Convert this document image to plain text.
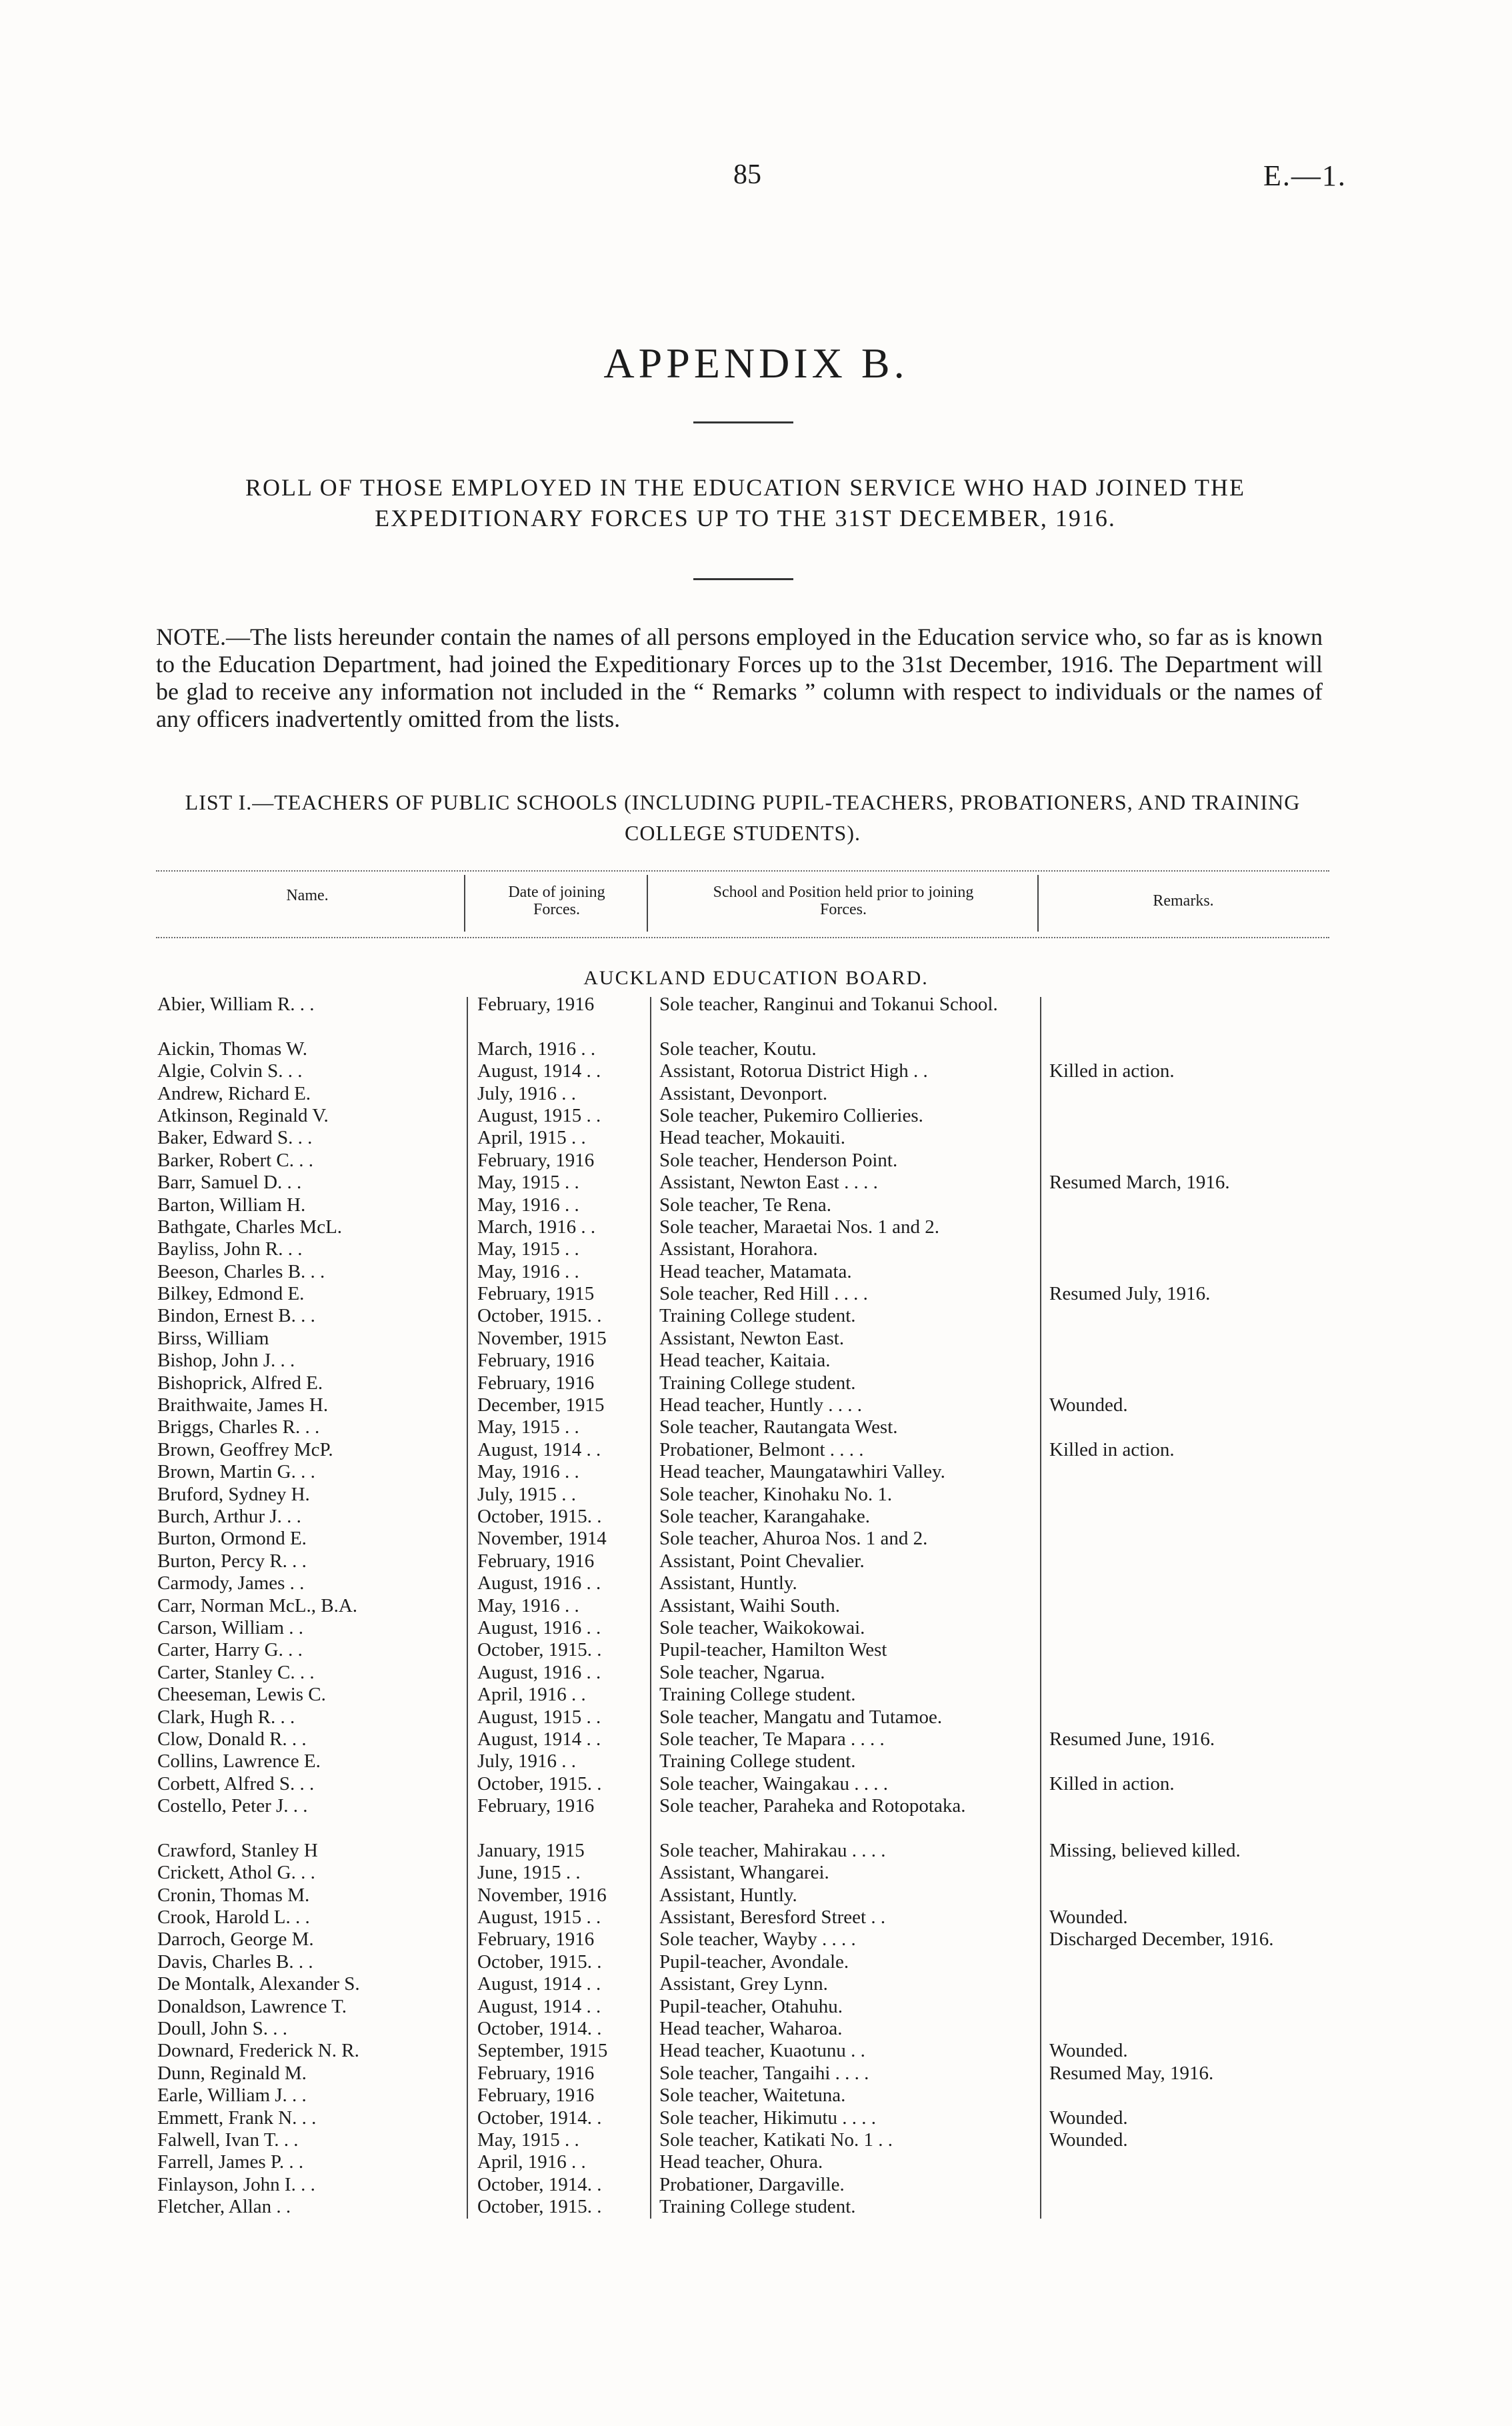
85	E.—1.
APPENDIX B.
ROLL OF THOSE EMPLOYED IN THE EDUCATION SERVICE WHO HAD JOINED THE
EXPEDITIONARY FORCES UP TO THE 31ST DECEMBER, 1916.
NOTE.—The lists hereunder contain the names of all persons employed in the Education service who, so far as is known to the Education Department, had joined the Expeditionary Forces up to the 31st December, 1916. The Department will be glad to receive any information not included in the “ Remarks ” column with respect to individuals or the names of any officers inadvertently omitted from the lists.
LIST I.—TEACHERS OF PUBLIC SCHOOLS (INCLUDING PUPIL-TEACHERS, PROBATIONERS, AND TRAINING
COLLEGE STUDENTS).
Name.	Date of joining
Forces.
School and Position held prior to joining
Forces.	Remarks.
AUCKLAND EDUCATION BOARD.
Abier, William R. . .	February, 1916	Sole teacher, Ranginui and Tokanui School.
Aickin, Thomas W.	March, 1916 . .	Sole teacher, Koutu.
Algie, Colvin S. . .	August, 1914 . .	Assistant, Rotorua District High . .	Killed in action.
Andrew, Richard E.	July, 1916 . .	Assistant, Devonport.
Atkinson, Reginald V.	August, 1915 . .	Sole teacher, Pukemiro Collieries.
Baker, Edward S. . .	April, 1915 . .	Head teacher, Mokauiti.
Barker, Robert C. . .	February, 1916	Sole teacher, Henderson Point.
Barr, Samuel D. . .	May, 1915 . .	Assistant, Newton East . . . .	Resumed March, 1916.
Barton, William H.	May, 1916 . .	Sole teacher, Te Rena.
Bathgate, Charles McL.	March, 1916 . .	Sole teacher, Maraetai Nos. 1 and 2.
Bayliss, John R. . .	May, 1915 . .	Assistant, Horahora.
Beeson, Charles B. . .	May, 1916 . .	Head teacher, Matamata.
Bilkey, Edmond E.	February, 1915	Sole teacher, Red Hill . . . .	Resumed July, 1916.
Bindon, Ernest B. . .	October, 1915. .	Training College student.
Birss, William	November, 1915	Assistant, Newton East.
Bishop, John J. . .	February, 1916	Head teacher, Kaitaia.
Bishoprick, Alfred E.	February, 1916	Training College student.
Braithwaite, James H.	December, 1915	Head teacher, Huntly . . . .	Wounded.
Briggs, Charles R. . .	May, 1915 . .	Sole teacher, Rautangata West.
Brown, Geoffrey McP.	August, 1914 . .	Probationer, Belmont . . . .	Killed in action.
Brown, Martin G. . .	May, 1916 . .	Head teacher, Maungatawhiri Valley.
Bruford, Sydney H.	July, 1915 . .	Sole teacher, Kinohaku No. 1.
Burch, Arthur J. . .	October, 1915. .	Sole teacher, Karangahake.
Burton, Ormond E.	November, 1914	Sole teacher, Ahuroa Nos. 1 and 2.
Burton, Percy R. . .	February, 1916	Assistant, Point Chevalier.
Carmody, James . .	August, 1916 . .	Assistant, Huntly.
Carr, Norman McL., B.A.	May, 1916 . .	Assistant, Waihi South.
Carson, William . .	August, 1916 . .	Sole teacher, Waikokowai.
Carter, Harry G. . .	October, 1915. .	Pupil-teacher, Hamilton West
Carter, Stanley C. . .	August, 1916 . .	Sole teacher, Ngarua.
Cheeseman, Lewis C.	April, 1916 . .	Training College student.
Clark, Hugh R. . .	August, 1915 . .	Sole teacher, Mangatu and Tutamoe.
Clow, Donald R. . .	August, 1914 . .	Sole teacher, Te Mapara . . . .	Resumed June, 1916.
Collins, Lawrence E.	July, 1916 . .	Training College student.
Corbett, Alfred S. . .	October, 1915. .	Sole teacher, Waingakau . . . .	Killed in action.
Costello, Peter J. . .	February, 1916	Sole teacher, Paraheka and Rotopotaka.
Crawford, Stanley H	January, 1915	Sole teacher, Mahirakau . . . .	Missing, believed killed.
Crickett, Athol G. . .	June, 1915 . .	Assistant, Whangarei.
Cronin, Thomas M.	November, 1916	Assistant, Huntly.
Crook, Harold L. . .	August, 1915 . .	Assistant, Beresford Street . .	Wounded.
Darroch, George M.	February, 1916	Sole teacher, Wayby . . . .	Discharged December, 1916.
Davis, Charles B. . .	October, 1915. .	Pupil-teacher, Avondale.
De Montalk, Alexander S.	August, 1914 . .	Assistant, Grey Lynn.
Donaldson, Lawrence T.	August, 1914 . .	Pupil-teacher, Otahuhu.
Doull, John S. . .	October, 1914. .	Head teacher, Waharoa.
Downard, Frederick N. R.	September, 1915	Head teacher, Kuaotunu . .	Wounded.
Dunn, Reginald M.	February, 1916	Sole teacher, Tangaihi . . . .	Resumed May, 1916.
Earle, William J. . .	February, 1916	Sole teacher, Waitetuna.
Emmett, Frank N. . .	October, 1914. .	Sole teacher, Hikimutu . . . .	Wounded.
Falwell, Ivan T. . .	May, 1915 . .	Sole teacher, Katikati No. 1 . .	Wounded.
Farrell, James P. . .	April, 1916 . .	Head teacher, Ohura.
Finlayson, John I. . .	October, 1914. .	Probationer, Dargaville.
Fletcher, Allan . .	October, 1915. .	Training College student.
